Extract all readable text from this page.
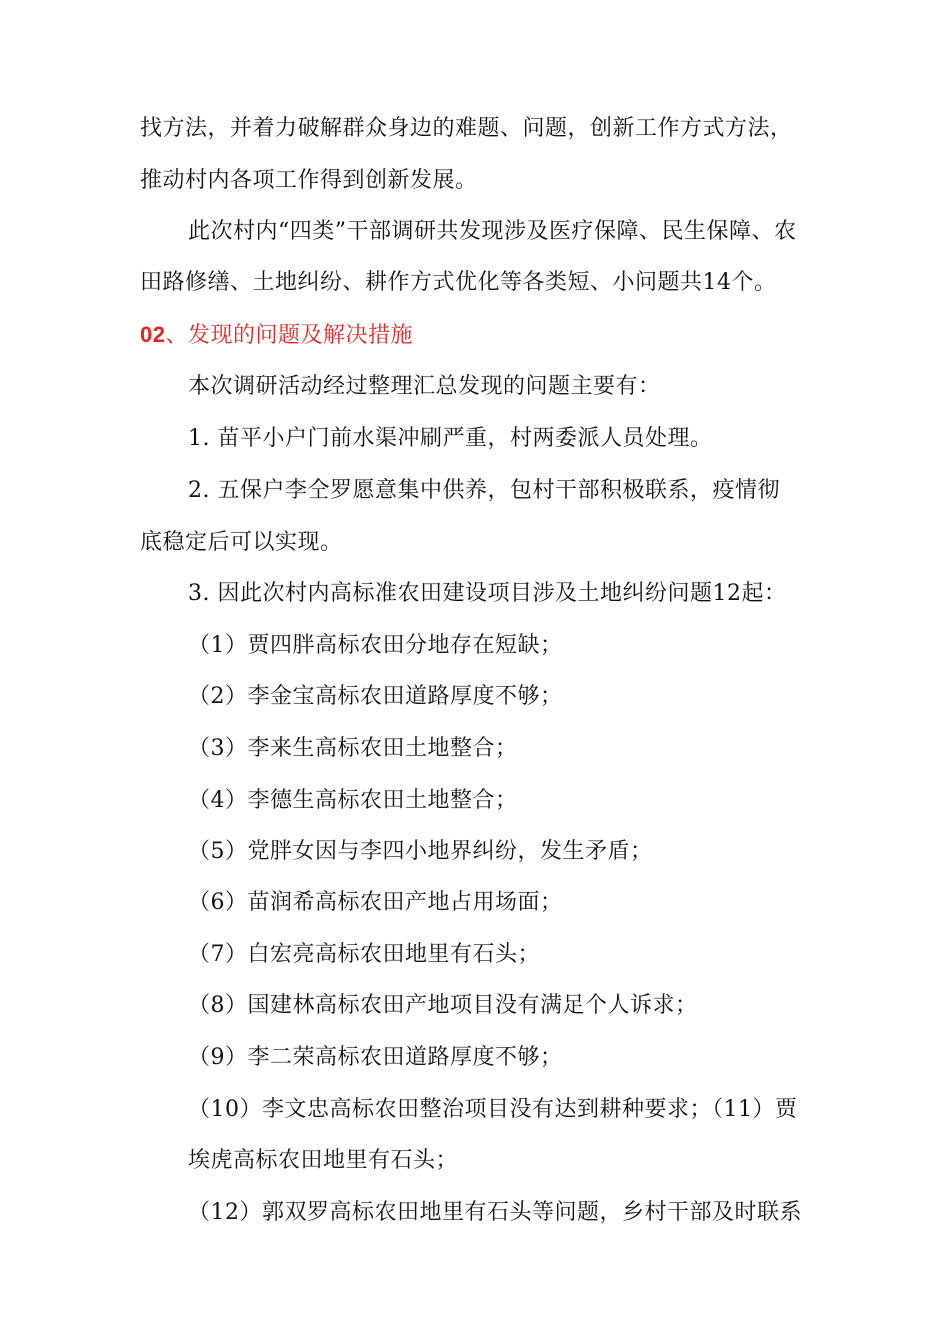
找方法，并着力破解群众身边的难题、问题，创新工作方式方法，
推动村内各项工作得到创新发展。
此次村内“四类”干部调研共发现涉及医疗保障、民生保障、农
田路修缮、土地纠纷、耕作方式优化等各类短、小问题共14个。
02、发现的问题及解决措施
本次调研活动经过整理汇总发现的问题主要有：
1. 苗平小户门前水渠冲刷严重，村两委派人员处理。
2. 五保户李仝罗愿意集中供养，包村干部积极联系，疫情彻
底稳定后可以实现。
3. 因此次村内高标准农田建设项目涉及土地纠纷问题12起：
（1）贾四胖高标农田分地存在短缺；
（2）李金宝高标农田道路厚度不够；
（3）李来生高标农田土地整合；
（4）李德生高标农田土地整合；
（5）党胖女因与李四小地界纠纷，发生矛盾；
（6）苗润希高标农田产地占用场面；
（7）白宏亮高标农田地里有石头；
（8）国建林高标农田产地项目没有满足个人诉求；
（9）李二荣高标农田道路厚度不够；
（10）李文忠高标农田整治项目没有达到耕种要求；（11）贾
埃虎高标农田地里有石头；
（12）郭双罗高标农田地里有石头等问题，乡村干部及时联系
